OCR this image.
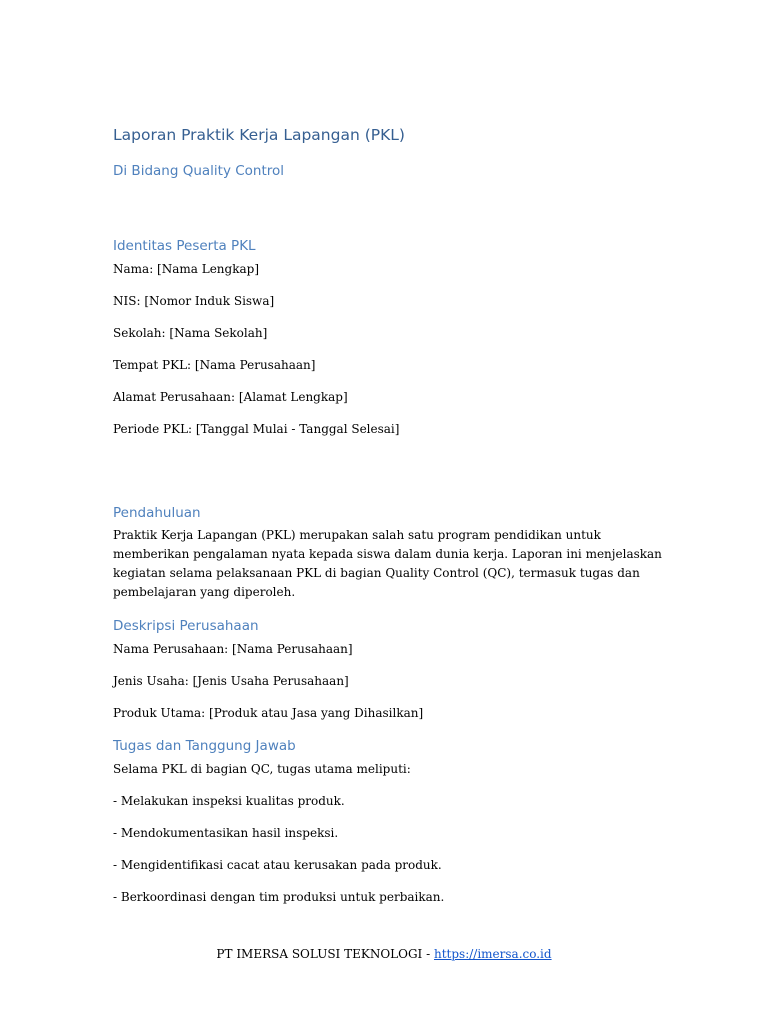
Laporan Praktik Kerja Lapangan (PKL)
Di Bidang Quality Control
Identitas Peserta PKL

Nama: [Nama Lengkap]

NIS: [Nomor Induk Siswa]

Sekolah: [Nama Sekolah]

Tempat PKL: [Nama Perusahaan]

Alamat Perusahaan: [Alamat Lengkap]

Periode PKL: [Tanggal Mulai - Tanggal Selesai]

Pendahuluan
Praktik Kerja Lapangan (PKL) merupakan salah satu program pendidikan untuk
memberikan pengalaman nyata kepada siswa dalam dunia kerja. Laporan ini menjelaskan
kegiatan selama pelaksanaan PKL di bagian Quality Control (QC), termasuk tugas dan
pembelajaran yang diperoleh.
Deskripsi Perusahaan

Nama Perusahaan: [Nama Perusahaan]

Jenis Usaha: [Jenis Usaha Perusahaan]

Produk Utama: [Produk atau Jasa yang Dihasilkan]

Tugas dan Tanggung Jawab

Selama PKL di bagian QC, tugas utama meliputi:

- Melakukan inspeksi kualitas produk.

- Mendokumentasikan hasil inspeksi.

- Mengidentifikasi cacat atau kerusakan pada produk.

- Berkoordinasi dengan tim produksi untuk perbaikan.

PT IMERSA SOLUSI TEKNOLOGI - https://imersa.co.id
